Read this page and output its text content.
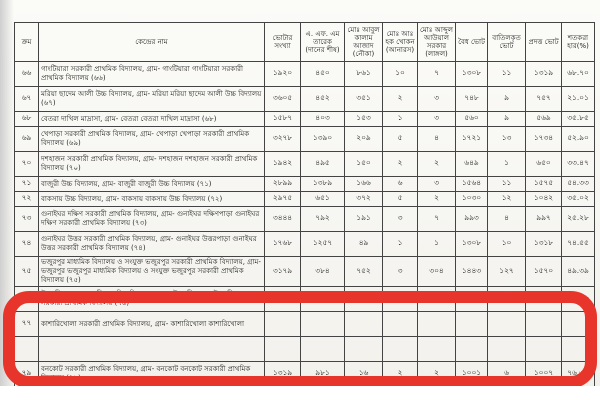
ক্রম	কেন্দ্রের নাম	ভোটার সংখ্যা	এ. এফ. এম তারেক (দানের শীষ)	মোঃ আবুল কালাম আজাদ (নৌকা)	মোঃ আঃ হক খোকন (আনারস)	মোঃ আব্দুল আউয়াল সরকার (লাঙ্গল)	বৈধ ভোট	বাতিলকৃত ভোট	প্রদত্ত ভোট	শতকরা হার(%)
৬৬	গাংটিয়ারা সরকারী প্রাথমিক বিদ্যালয়, গ্রাম- গাংটিয়ারা গাংটিয়ারা সরকারী প্রাথমিক বিদ্যালয় (৬৬)	১৯২০	৪৫০	৮৬১	১০	৭	১৩০৮	১১	১৩১৯	৬৮.৭০
৬৭	মরিয়া ছাদেম আলী উচ্চ বিদ্যালয়, গ্রাম- মরিয়া মরিয়া ছাদেম আলী উচ্চ বিদ্যালয় (৬৭)	৩৬০৫	৪৫২	৩৫১	২	৩	৭৪৮	৯	৭৫৭	২১.০১
৬৮	বেতরা দাখিল মাদ্রাসা, গ্রাম- বেতরা বেতরা দাখিল মাদ্রাসা (৬৮)	১৫৮৭	৪০৩	১৫৩	১	৩	৫৬০	৯	৫৬৯	৩৫.৮৫
৬৯	খেপাড়া সরকারী প্রাথমিক বিদ্যালয়, গ্রাম- খেপাড়া খেপাড়া সরকারী প্রাথমিক বিদ্যালয় (৬৯)	৩২৭৮	১৩৯০	২০৯	৫	৪	১৭২১	১৩	১৭৩৪	৫২.৯০
৭০	দশহাজন সরকারী প্রাথমিক বিদ্যালয়, গ্রাম- দশহাজন দশহাজন সরকারী প্রাথমিক বিদ্যালয় (৭০)	১৯৪২	৪৯৫	১৫০	২	২	৬৪৯	১	৬৫০	৩৩.৪৭
৭১	বাজুরী উচ্চ বিদ্যালয়, গ্রাম- বাজুরী বাজুরী উচ্চ বিদ্যালয় (৭১)	২৮৯৯	১৩৮৯	১৬৬	৬	৩	১৫৬৪	১১	১৫৭৫	৫৪.৩৩
৭২	বাকসায় উচ্চ বিদ্যালয়, গ্রাম- বাকসায় বাকসায় উচ্চ বিদ্যালয় (৭২)	২৯৭৫	৬৫১	৩৭২	৫	২	১০৩০	১২	১০৪২	৩৫.০২
৭৩	গুনাইঘর দক্ষিণ সরকারী প্রাথমিক বিদ্যালয়, গ্রাম- গুনাইঘর দক্ষিণপাড়া গুনাইঘর দক্ষিণ সরকারী প্রাথমিক বিদ্যালয় (৭৩)	৩৪৪৪	৭৯২	১৯১	৩	৭	৯৯৩	৪	৯৯৭	২৫.২৮
৭৪	গুনাইঘর উত্তর সরকারী প্রাথমিক বিদ্যালয়, গ্রাম- গুনাইঘর উত্তরপাড়া গুনাইঘর উত্তর সরকারী প্রাথমিক বিদ্যালয় (৭৪)	১৭৬৮	১২৫৭	৪৯	১	১	১৩০৮	১০	১৩১৮	৭৪.৫৫
৭৫	ভজুরপুর মাধ্যমিক বিদ্যালয় ও সংযুক্ত ভজুরপুর সরকারী প্রাথমিক বিদ্যালয়, গ্রাম- ভজুরপুর ভজুরপুর মাধ্যমিক বিদ্যালয় ও সংযুক্ত ভজুরপুর সরকারী প্রাথমিক বিদ্যালয় (৭৫)	৩১৭৯	৩৮৪	৭৫২	৩	৩০৪	১৪৪৩	১২৭	১৫৭০	৪৯.৩৯
৭৬	উজানীজোড়া সরকারী প্রাথমিক বিদ্যালয়, গ্রাম- উজানীজোড়া উজানীজোড়া সরকারী প্রাথমিক বিদ্যালয় (৭৬)	৩৫১৩	৪৪৫	১৩৬২	৪	৭	১৮১৮	১৮	১৮৩৬	৫২.২৬
৭৭	কাশারিখোলা সরকারী প্রাথমিক বিদ্যালয়, গ্রাম- কাশারিখোলা কাশারিখোলা									

৭৯	বনকোট সরকারী প্রাথমিক বিদ্যালয়, গ্রাম- বনকোট বনকোট সরকারী প্রাথমিক বিদ্যালয় (৭৯)	১৩১৯	৯৮১	১৬	২	২	১০০১	৬	১০০৭	৭৬.৩৫
